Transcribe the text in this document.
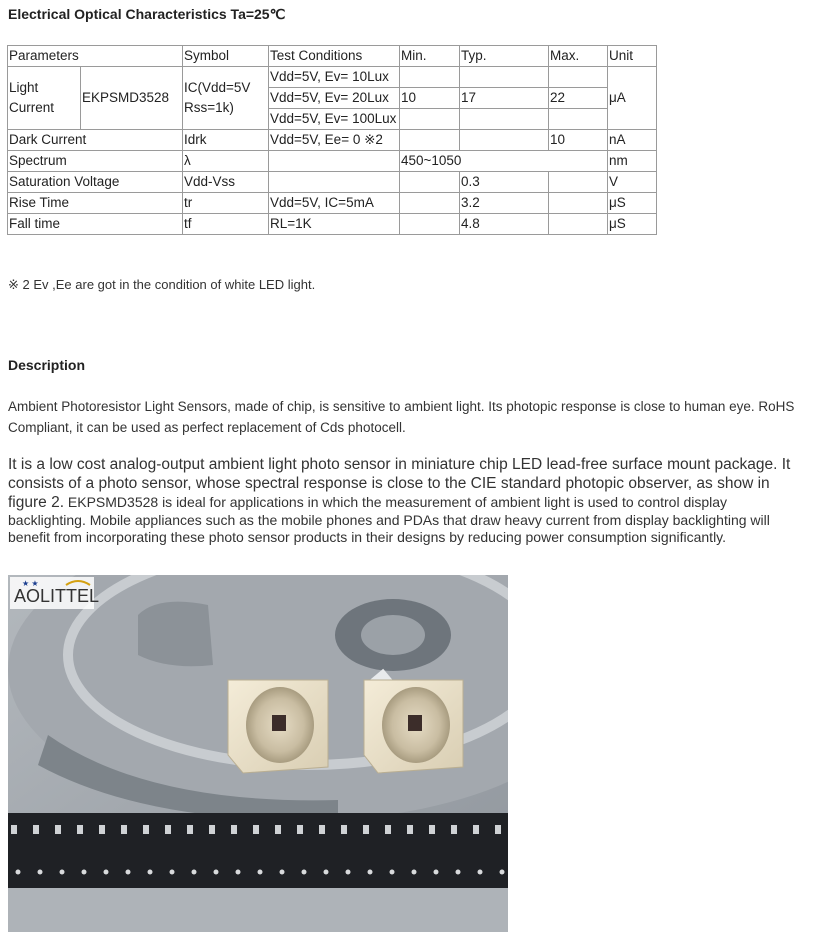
Electrical Optical Characteristics Ta=25℃
Parameters		Symbol	Test Conditions	Min.	Typ.	Max.	Unit
Light Current	EKPSMD3528	IC(Vdd=5V Rss=1k)	Vdd=5V, Ev= 10Lux				μA
			Vdd=5V, Ev= 20Lux	10	17	22	
			Vdd=5V, Ev= 100Lux				

Dark Current		Idrk	Vdd=5V, Ee= 0 ※2			10	nA
Spectrum		λ		450~1050			nm
Saturation Voltage		Vdd-Vss			0.3		V
Rise Time		tr	Vdd=5V, IC=5mA		3.2		μS
Fall time		tf	RL=1K		4.8		μS

※ 2 Ev ,Ee are got in the condition of white LED light.

Description

Ambient Photoresistor Light Sensors, made of chip, is sensitive to ambient light. Its photopic response is close to human eye. RoHS Compliant, it can be used as perfect replacement of Cds photocell.

It is a low cost analog-output ambient light photo sensor in miniature chip LED lead-free surface mount package. It consists of a photo sensor, whose spectral response is close to the CIE standard photopic observer, as show in figure 2. EKPSMD3528 is ideal for applications in which the measurement of ambient light is used to control display backlighting. Mobile appliances such as the mobile phones and PDAs that draw heavy current from display backlighting will benefit from incorporating these photo sensor products in their designs by reducing power consumption significantly.

AOLITTEL
★ ★
